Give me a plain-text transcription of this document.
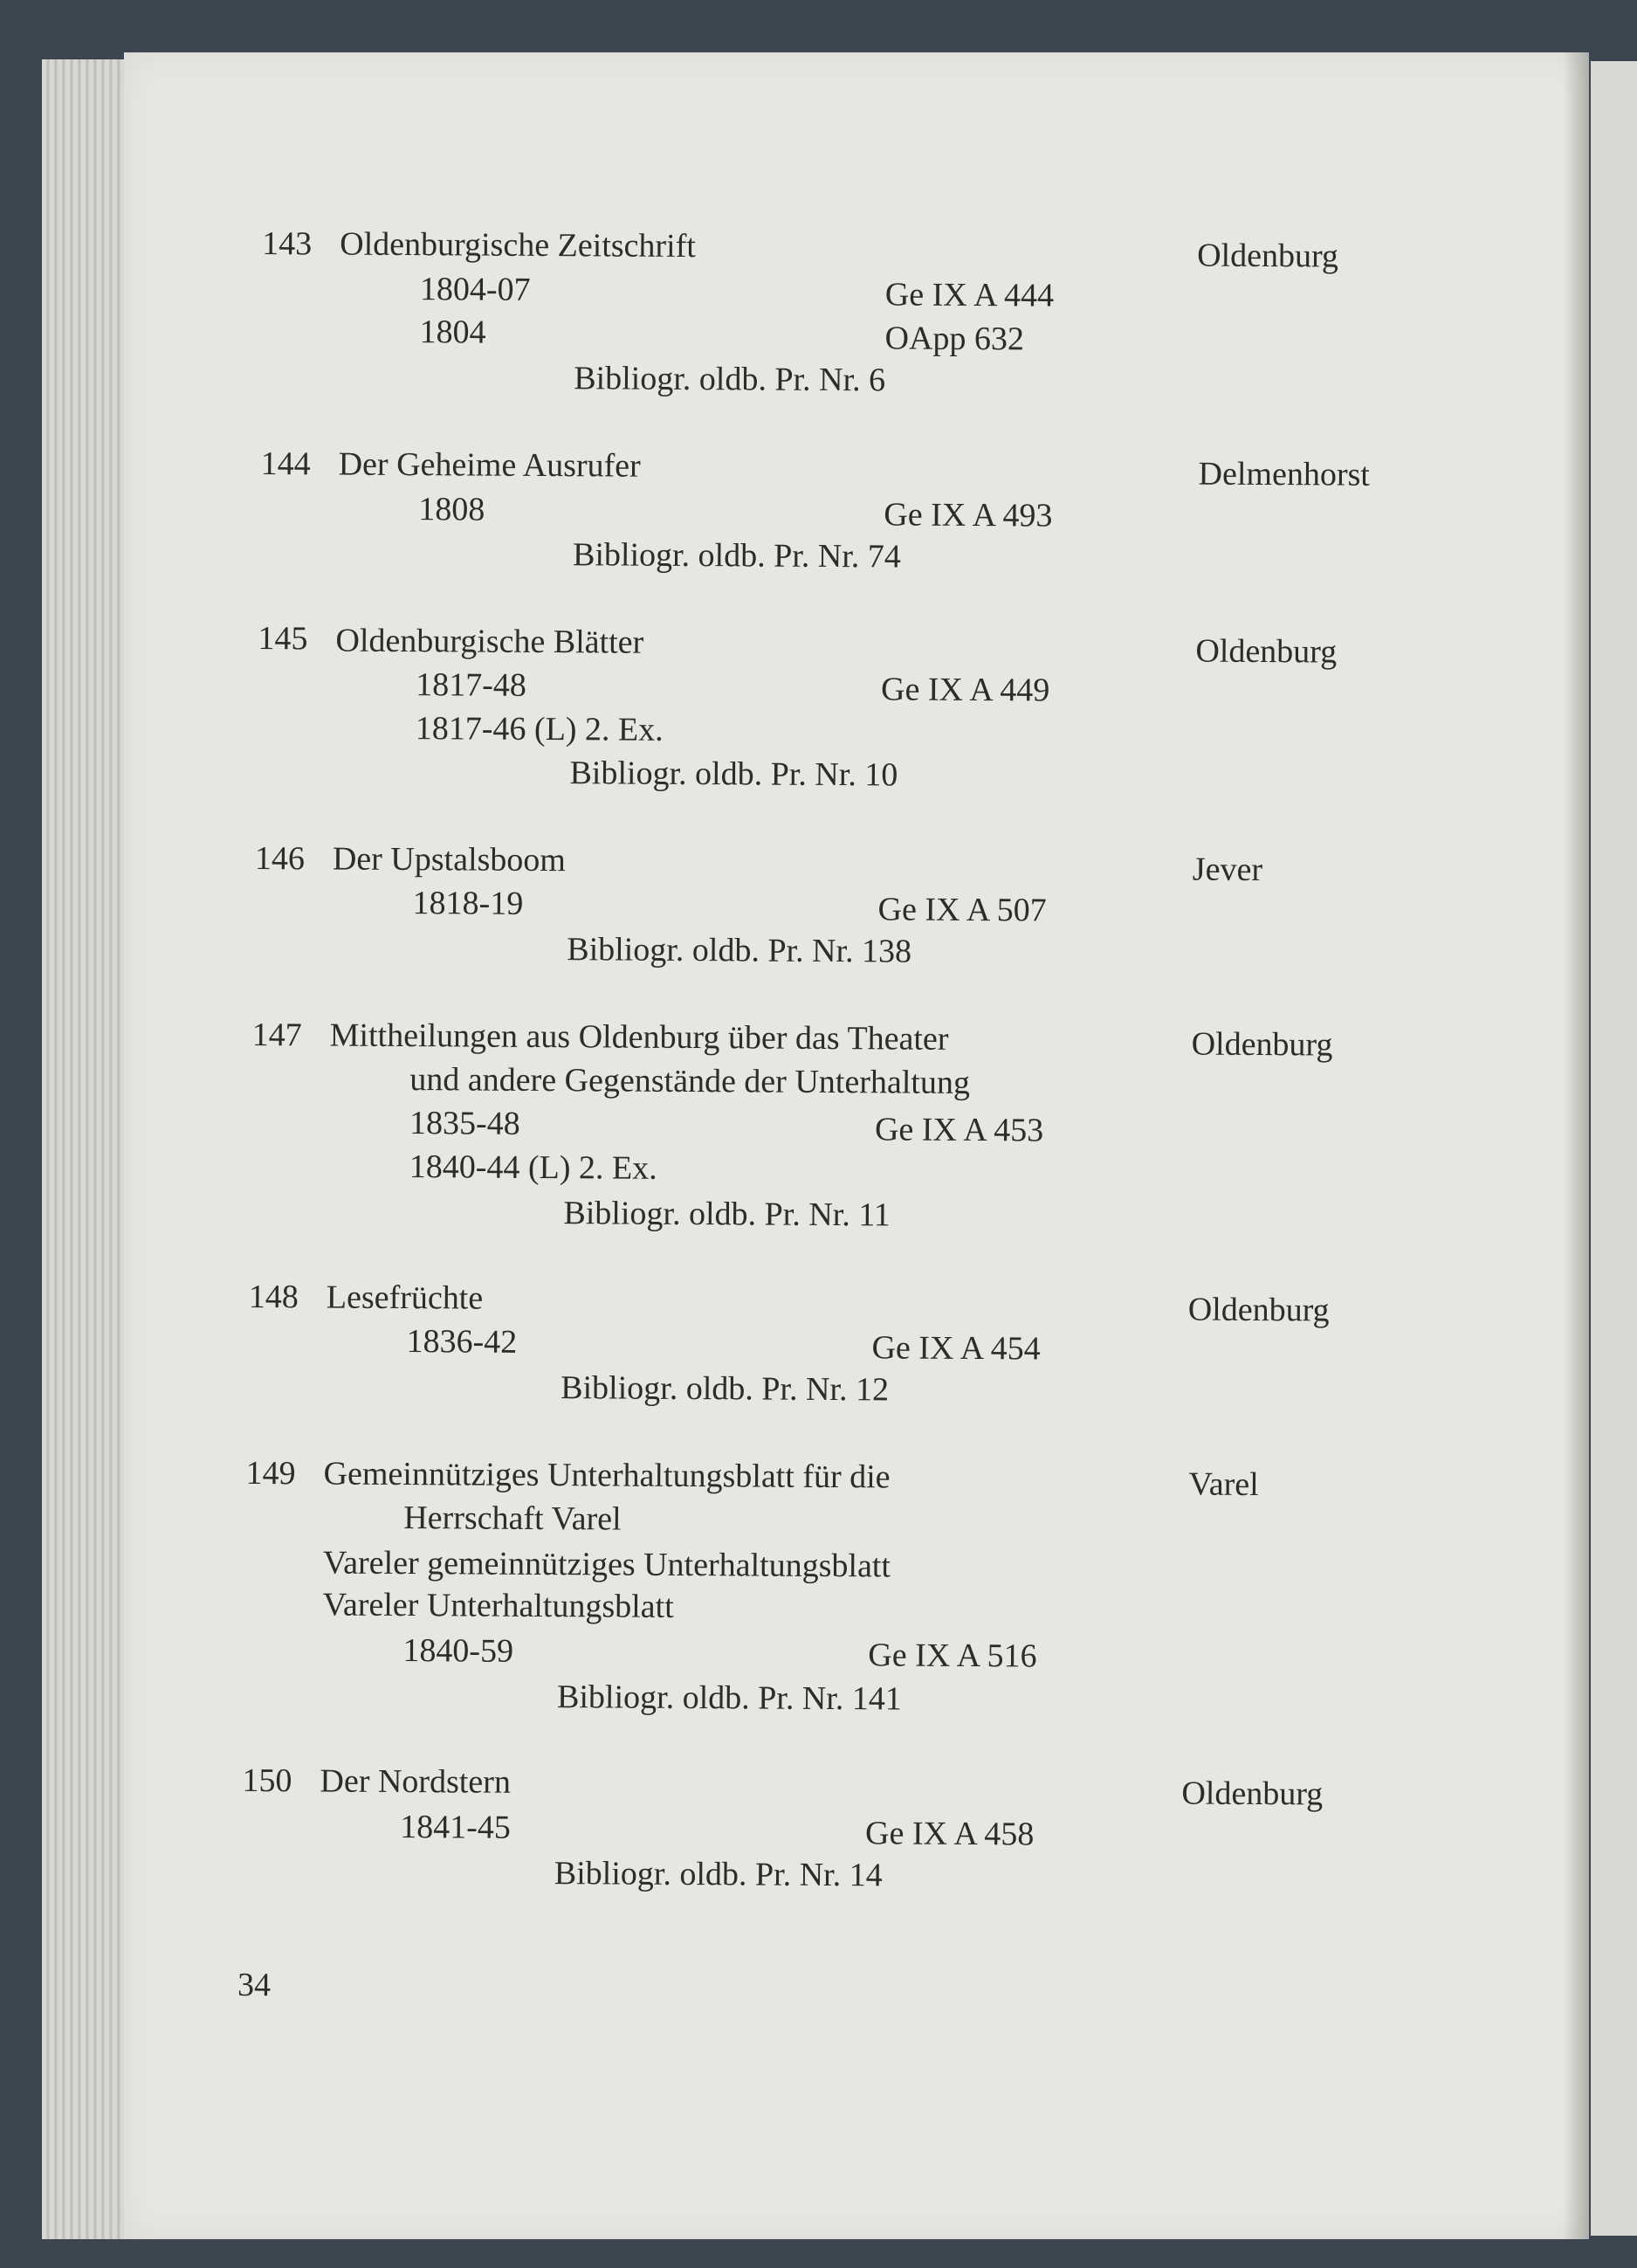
143 Oldenburgische Zeitschrift	Oldenburg
1804-07	Ge IX A 444
1804	OApp 632
Bibliogr. oldb. Pr. Nr. 6
144 Der Geheime Ausrufer	Delmenhorst
1808	Ge IX A 493
Bibliogr. oldb. Pr. Nr. 74
145 Oldenburgische Blätter	Oldenburg
1817-48	Ge IX A 449
1817-46 (L) 2. Ex.
Bibliogr. oldb. Pr. Nr. 10
146 Der Upstalsboom	Jever
1818-19	Ge IX A 507
Bibliogr. oldb. Pr. Nr. 138
147 Mittheilungen aus Oldenburg über das Theater	Oldenburg
und andere Gegenstände der Unterhaltung
1835-48	Ge IX A 453
1840-44 (L) 2. Ex.
Bibliogr. oldb. Pr. Nr. 11
148 Lesefrüchte	Oldenburg
1836-42	Ge IX A 454
Bibliogr. oldb. Pr. Nr. 12
149 Gemeinnütziges Unterhaltungsblatt für die	Varel
Herrschaft Varel
Vareler gemeinnütziges Unterhaltungsblatt
Vareler Unterhaltungsblatt
1840-59	Ge IX A 516
Bibliogr. oldb. Pr. Nr. 141
150 Der Nordstern	Oldenburg
1841-45	Ge IX A 458
Bibliogr. oldb. Pr. Nr. 14
34
